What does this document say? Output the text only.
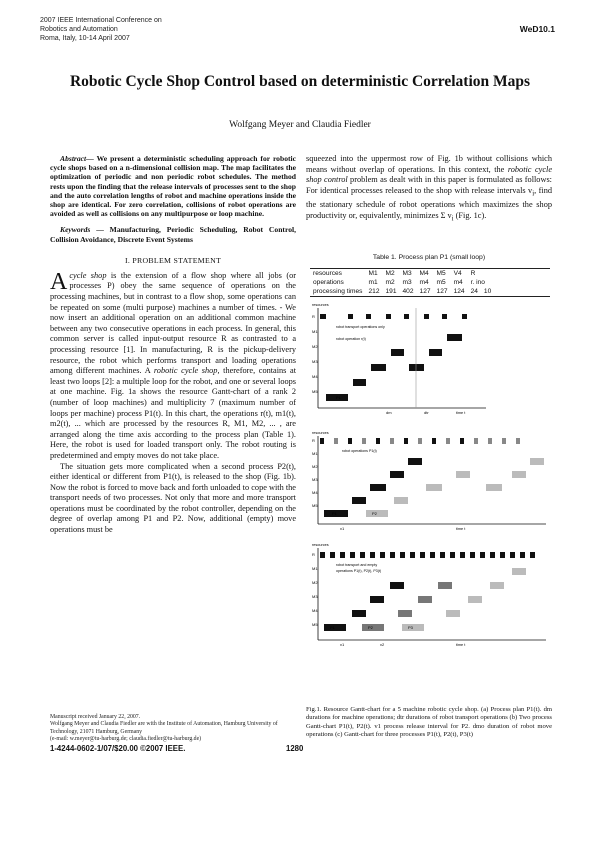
2007 IEEE International Conference on
Robotics and Automation
Roma, Italy, 10-14 April 2007
WeD10.1
Robotic Cycle Shop Control based on deterministic Correlation Maps
Wolfgang Meyer and Claudia Fiedler

Abstract— We present a deterministic scheduling approach for robotic cycle shops based on a n-dimensional collision map. The map facilitates the optimization of periodic and non periodic robot schedules. The method rests upon the finding that the release intervals of processes sent to the shop and the auto correlation lengths of robot and machine operations inside the shop are identical. For zero correlation, collisions of robot operations are avoided as well as collisions on any multipurpose or loop machine.

Keywords — Manufacturing, Periodic Scheduling, Robot Control, Collision Avoidance, Discrete Event Systems

I. PROBLEM STATEMENT

Acycle shop is the extension of a flow shop where all jobs (or processes P) obey the same sequence of operations on the processing machines, but in contrast to a flow shop, some operations can be repeated on some (multi purpose) machines a number of times. - We now insert an additional operation on an additional common machine between any two consecutive operations in each process. In general, this common server is called input-output resource R as contrasted to a processing resource [1]. In manufacturing, R is the pickup-delivery resource, the robot which performs transport and loading operations among different machines. A robotic cycle shop, therefore, contains at least two loops [2]: a multiple loop for the robot, and one or several loops at one machine. Fig. 1a shows the resource Gantt-chart of a rank 2 (number of loop machines) and multiplicity 7 (maximum number of loops per machine) process P1(t). In this chart, the operations r(t), m1(t), m2(t), ... which are processed by the resources R, M1, M2, ... , are arranged along the time axis according to the process plan (Table 1). Here, the robot is used for loaded transport only. The robot routing is predetermined and empty moves do not take place.

The situation gets more complicated when a second process P2(t), either identical or different from P1(t), is released to the shop (Fig. 1b). Now the robot is forced to move back and forth unloaded to cope with the transport needs of two processes. Not only that more and more transport operations must be coordinated by the robot controller, depending on the degree of overlap among P1 and P2. Now, additional (empty) move operations must be

Manuscript received January 22, 2007.
Wolfgang Meyer and Claudia Fiedler are with the Institute of Automation, Hamburg University of Technology, 21071 Hamburg, Germany
(e-mail: w.meyer@tu-harburg.de; claudia.fiedler@tu-harburg.de)

squeezed into the uppermost row of Fig. 1b without collisions which means without overlap of operations. In this context, the robotic cycle shop control problem as dealt with in this paper is formulated as follows: For identical processes released to the shop with release intervals $v_i$, find the stationary schedule of robot operations which maximizes the shop productivity or, equivalently, minimizes Σ $v_i$ (Fig. 1c).

Table 1. Process plan P1 (small loop)
resources	M1	M2	M3	M4	M5	V4	R	
operations	m1	m2	m3	m4	m5	m4	r. ino	
processing times	212	191	402	127	127	124	24	10
resources
R
M1
M2
M3
M4
M5
robot transport operations only
robot operation r(t)
P1
dm	dtr	time t
resources
R
M1
M2
M3
M4
M5
robot operations P1(t)
P1	P2
v1	time t
resources
R
M1
M2
M3
M4
M5
robot transport and empty
operations P1(t), P2(t), P3(t)
P1	P2	P3
v1	v2	time t
Fig.1. Resource Gantt-chart for a 5 machine robotic cycle shop. (a) Process plan P1(t). dm durations for machine operations; dtr durations of robot transport operations (b) Two process Gantt-chart P1(t), P2(t). v1 process release interval for P2. dmo duration of robot move operations (c) Gantt-chart for three processes P1(t), P2(t), P3(t)
1-4244-0602-1/07/$20.00 ©2007 IEEE.	1280
